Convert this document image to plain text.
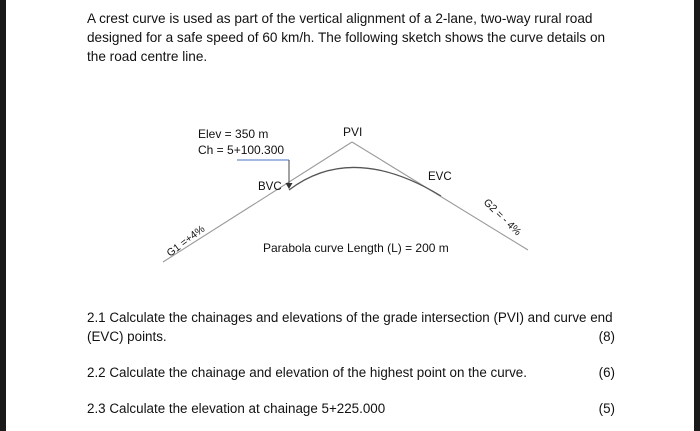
A crest curve is used as part of the vertical alignment of a 2-lane, two-way rural road designed for a safe speed of 60 km/h. The following sketch shows the curve details on the road centre line.

Elev = 350 m
Ch = 5+100.300
PVI
BVC
EVC
G1 =+4%
G2 = - 4%
Parabola curve Length (L) = 200 m

2.1 Calculate the chainages and elevations of the grade intersection (PVI) and curve end (EVC) points.	(8)

2.2 Calculate the chainage and elevation of the highest point on the curve.	(6)

2.3 Calculate the elevation at chainage 5+225.000	(5)
